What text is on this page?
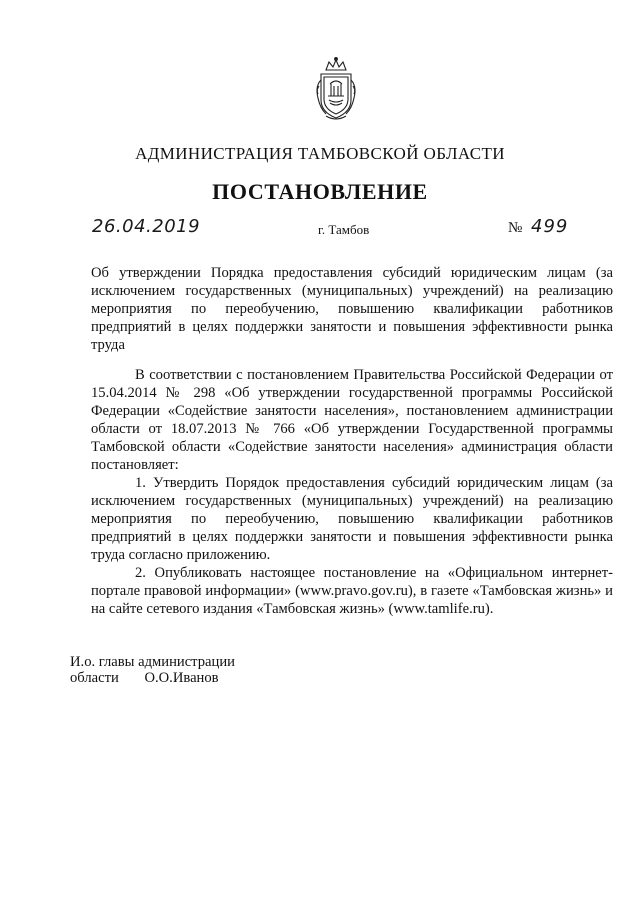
АДМИНИСТРАЦИЯ ТАМБОВСКОЙ ОБЛАСТИ
ПОСТАНОВЛЕНИЕ
26.04.2019	г. Тамбов	№ 499
Об утверждении Порядка предоставления субсидий юридическим лицам (за исключением государственных (муниципальных) учреждений) на реализацию мероприятия по переобучению, повышению квалификации работников предприятий в целях поддержки занятости и повышения эффективности рынка труда

В соответствии с постановлением Правительства Российской Федерации от 15.04.2014 № 298 «Об утверждении государственной программы Российской Федерации «Содействие занятости населения», постановлением администрации области от 18.07.2013 № 766 «Об утверждении Государственной программы Тамбовской области «Содействие занятости населения» администрация области постановляет:

1. Утвердить Порядок предоставления субсидий юридическим лицам (за исключением государственных (муниципальных) учреждений) на реализацию мероприятия по переобучению, повышению квалификации работников предприятий в целях поддержки занятости и повышения эффективности рынка труда согласно приложению.

2. Опубликовать настоящее постановление на «Официальном интернет-портале правовой информации» (www.pravo.gov.ru), в газете «Тамбовская жизнь» и на сайте сетевого издания «Тамбовская жизнь» (www.tamlife.ru).

И.о. главы администрации
области О.О.Иванов
